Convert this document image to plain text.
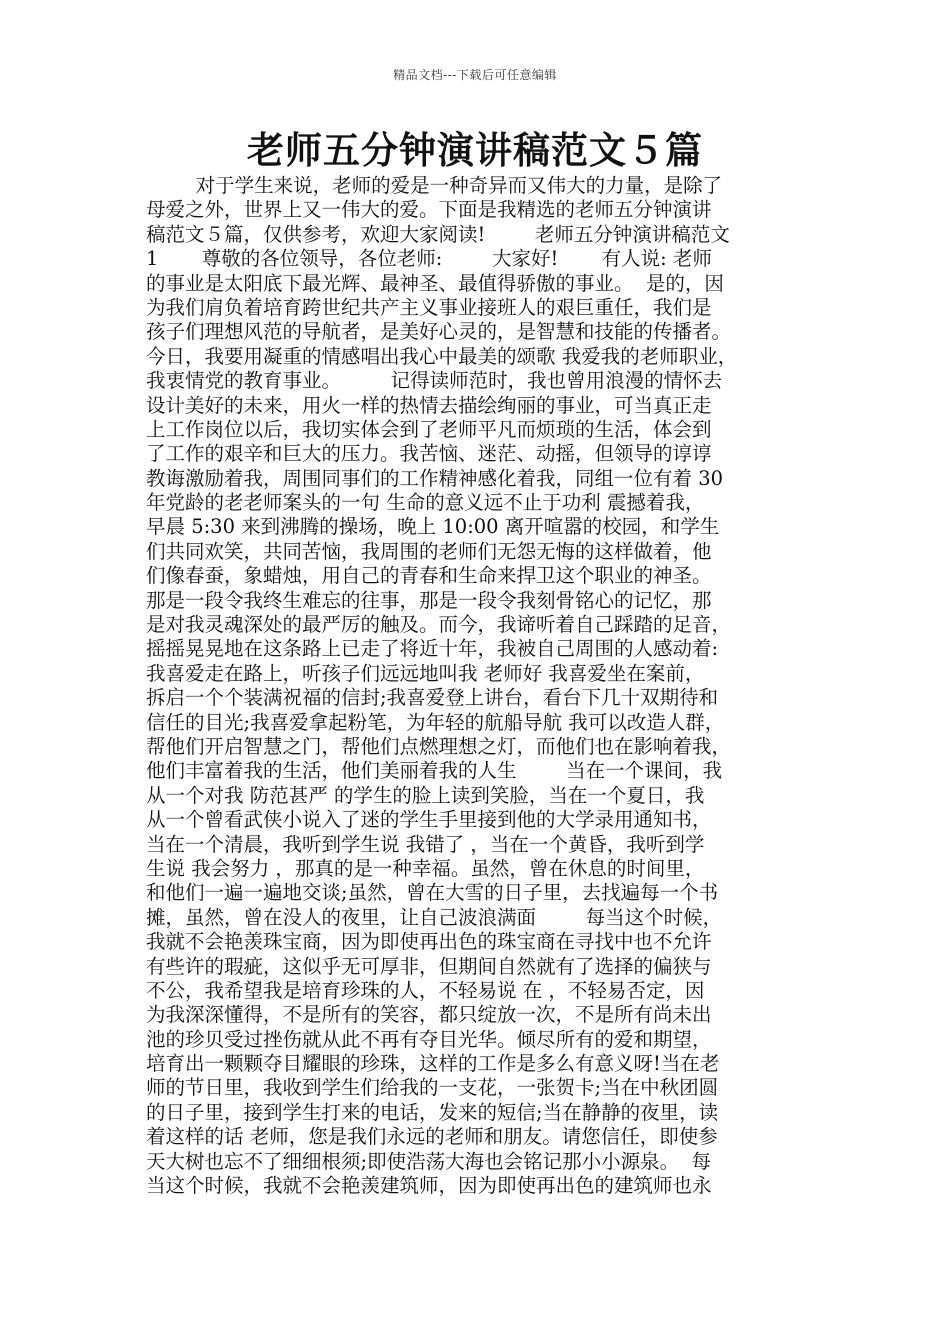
精品文档---下载后可任意编辑
老师五分钟演讲稿范文５篇
对于学生来说，老师的爱是一种奇异而又伟大的力量，是除了
母爱之外，世界上又一伟大的爱。下面是我精选的老师五分钟演讲
稿范文５篇，仅供参考，欢迎大家阅读!        老师五分钟演讲稿范文
1       尊敬的各位领导，各位老师:        大家好!       有人说: 老师
的事业是太阳底下最光辉、最神圣、最值得骄傲的事业。  是的，因
为我们肩负着培育跨世纪共产主义事业接班人的艰巨重任，我们是
孩子们理想风范的导航者，是美好心灵的，是智慧和技能的传播者。
今日，我要用凝重的情感唱出我心中最美的颂歌 我爱我的老师职业，
我衷情党的教育事业。        记得读师范时，我也曾用浪漫的情怀去
设计美好的未来，用火一样的热情去描绘绚丽的事业，可当真正走
上工作岗位以后，我切实体会到了老师平凡而烦琐的生活，体会到
了工作的艰辛和巨大的压力。我苦恼、迷茫、动摇，但领导的谆谆
教诲激励着我，周围同事们的工作精神感化着我，同组一位有着 30
年党龄的老老师案头的一句 生命的意义远不止于功利 震撼着我，
早晨 5:30 来到沸腾的操场，晚上 10:00 离开喧嚣的校园，和学生
们共同欢笑，共同苦恼，我周围的老师们无怨无悔的这样做着，他
们像春蚕，象蜡烛，用自己的青春和生命来捍卫这个职业的神圣。
那是一段令我终生难忘的往事，那是一段令我刻骨铭心的记忆，那
是对我灵魂深处的最严厉的触及。而今，我谛听着自己踩踏的足音，
摇摇晃晃地在这条路上已走了将近十年，我被自己周围的人感动着:
我喜爱走在路上，听孩子们远远地叫我 老师好 我喜爱坐在案前，
拆启一个个装满祝福的信封;我喜爱登上讲台，看台下几十双期待和
信任的目光;我喜爱拿起粉笔，为年轻的航船导航 我可以改造人群，
帮他们开启智慧之门，帮他们点燃理想之灯，而他们也在影响着我，
他们丰富着我的生活，他们美丽着我的人生        当在一个课间，我
从一个对我 防范甚严 的学生的脸上读到笑脸，当在一个夏日，我
从一个曾看武侠小说入了迷的学生手里接到他的大学录用通知书，
当在一个清晨，我听到学生说 我错了 ，当在一个黄昏，我听到学
生说 我会努力 ，那真的是一种幸福。虽然，曾在休息的时间里，
和他们一遍一遍地交谈;虽然，曾在大雪的日子里，去找遍每一个书
摊，虽然，曾在没人的夜里，让自己波浪满面        每当这个时候，
我就不会艳羡珠宝商，因为即使再出色的珠宝商在寻找中也不允许
有些许的瑕疵，这似乎无可厚非，但期间自然就有了选择的偏狭与
不公，我希望我是培育珍珠的人，不轻易说 在 ，不轻易否定，因
为我深深懂得，不是所有的笑容，都只绽放一次，不是所有尚未出
池的珍贝受过挫伤就从此不再有夺目光华。倾尽所有的爱和期望，
培育出一颗颗夺目耀眼的珍珠，这样的工作是多么有意义呀!当在老
师的节日里，我收到学生们给我的一支花，一张贺卡;当在中秋团圆
的日子里，接到学生打来的电话，发来的短信;当在静静的夜里，读
着这样的话 老师，您是我们永远的老师和朋友。请您信任，即使参
天大树也忘不了细细根须;即使浩荡大海也会铭记那小小源泉。  每
当这个时候，我就不会艳羡建筑师，因为即使再出色的建筑师也永
